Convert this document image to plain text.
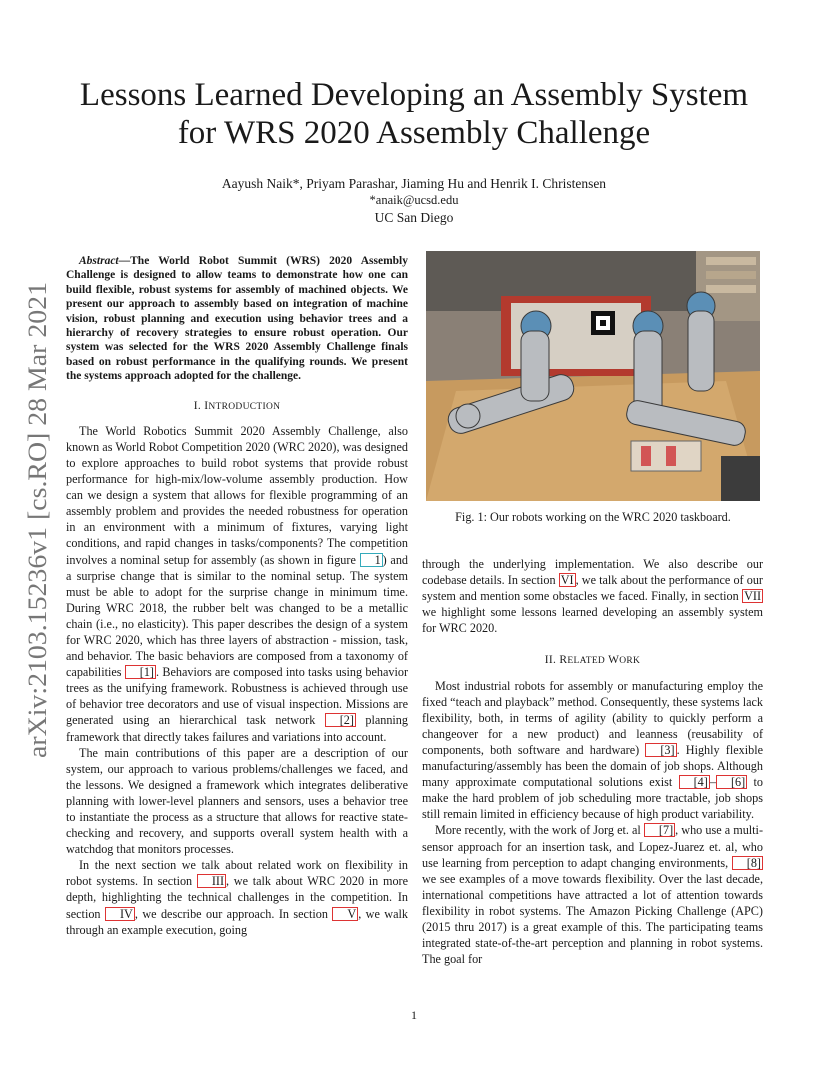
arXiv:2103.15236v1 [cs.RO] 28 Mar 2021
Lessons Learned Developing an Assembly System
for WRS 2020 Assembly Challenge
Aayush Naik*, Priyam Parashar, Jiaming Hu and Henrik I. Christensen
*anaik@ucsd.edu
UC San Diego

Abstract—The World Robot Summit (WRS) 2020 Assembly Challenge is designed to allow teams to demonstrate how one can build flexible, robust systems for assembly of machined objects. We present our approach to assembly based on integration of machine vision, robust planning and execution using behavior trees and a hierarchy of recovery strategies to ensure robust operation. Our system was selected for the WRS 2020 Assembly Challenge finals based on robust performance in the qualifying rounds. We present the systems approach adopted for the challenge.

I. INTRODUCTION

The World Robotics Summit 2020 Assembly Challenge, also known as World Robot Competition 2020 (WRC 2020), was designed to explore approaches to build robot systems that provide robust performance for high-mix/low-volume assembly production. How can we design a system that allows for flexible programming of an assembly problem and provides the needed robustness for operation in an environment with a minimum of fixtures, varying light conditions, and rapid changes in tasks/components? The competition involves a nominal setup for assembly (as shown in figure 1 ) and a surprise change that is similar to the nominal setup. The system must be able to adopt for the surprise change in minimum time. During WRC 2018, the rubber belt was changed to be a metallic chain (i.e., no elasticity). This paper describes the design of a system for WRC 2020, which has three layers of abstraction - mission, task, and behavior. The basic behaviors are composed from a taxonomy of capabilities [1] . Behaviors are composed into tasks using behavior trees as the unifying framework. Robustness is achieved through use of behavior tree decorators and use of visual inspection. Missions are generated using an hierarchical task network [2] planning framework that directly takes failures and variations into account.

The main contributions of this paper are a description of our system, our approach to various problems/challenges we faced, and the lessons. We designed a framework which integrates deliberative planning with lower-level planners and sensors, uses a behavior tree to instantiate the process as a structure that allows for reactive state-checking and recovery, and supports overall system health with a watchdog that monitors processes.

In the next section we talk about related work on flexibility in robot systems. In section III , we talk about WRC 2020 in more depth, highlighting the technical challenges in the competition. In section IV , we describe our approach. In section V , we walk through an example execution, going

Fig. 1: Our robots working on the WRC 2020 taskboard.

through the underlying implementation. We also describe our codebase details. In section VI , we talk about the performance of our system and mention some obstacles we faced. Finally, in section VII we highlight some lessons learned developing an assembly system for WRC 2020.

II. RELATED WORK

Most industrial robots for assembly or manufacturing employ the fixed “teach and playback” method. Consequently, these systems lack flexibility, both, in terms of agility (ability to quickly perform a changeover for a new product) and leanness (reusability of components, both software and hardware) [3] . Highly flexible manufacturing/assembly has been the domain of job shops. Although many approximate computational solutions exist [4] – [6] to make the hard problem of job scheduling more tractable, job shops still remain limited in efficiency because of high product variability.

More recently, with the work of Jorg et. al [7] , who use a multi-sensor approach for an insertion task, and Lopez-Juarez et. al, who use learning from perception to adapt changing environments, [8] we see examples of a move towards flexibility. Over the last decade, international competitions have attracted a lot of attention towards flexibility in robot systems. The Amazon Picking Challenge (APC) (2015 thru 2017) is a great example of this. The participating teams integrated state-of-the-art perception and planning in robot systems. The goal for

1
